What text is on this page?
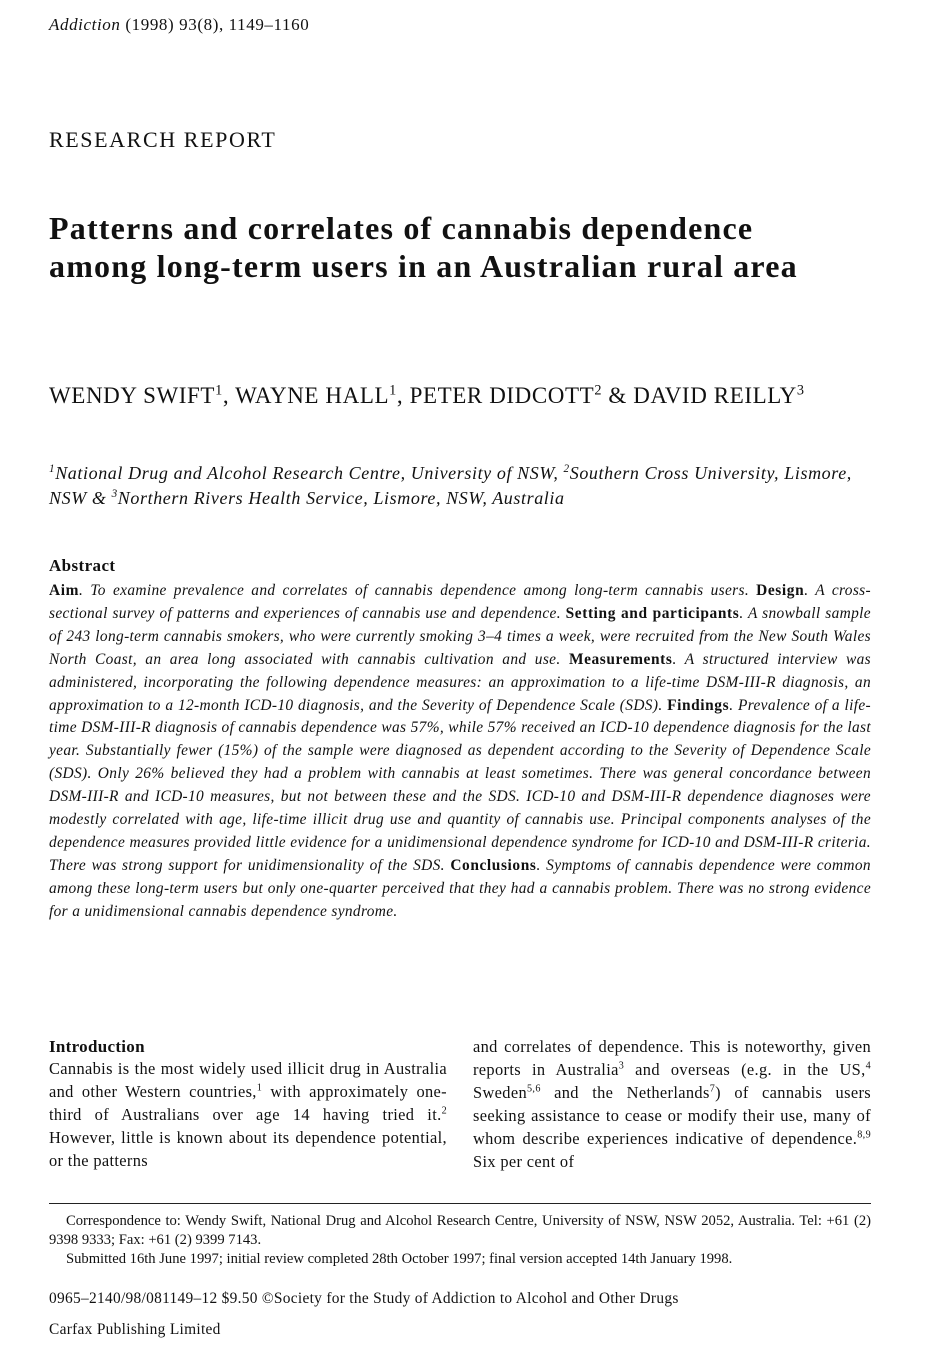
Addiction (1998) 93(8), 1149–1160
RESEARCH REPORT
Patterns and correlates of cannabis dependence among long-term users in an Australian rural area

WENDY SWIFT$^1$, WAYNE HALL$^1$, PETER DIDCOTT$^2$ & DAVID REILLY$^3$

$^1$National Drug and Alcohol Research Centre, University of NSW, $^2$Southern Cross University, Lismore, NSW & $^3$Northern Rivers Health Service, Lismore, NSW, Australia

Abstract

Aim. To examine prevalence and correlates of cannabis dependence among long-term cannabis users. Design. A cross-sectional survey of patterns and experiences of cannabis use and dependence. Setting and participants. A snowball sample of 243 long-term cannabis smokers, who were currently smoking 3–4 times a week, were recruited from the New South Wales North Coast, an area long associated with cannabis cultivation and use. Measurements. A structured interview was administered, incorporating the following dependence measures: an approximation to a life-time DSM-III-R diagnosis, an approximation to a 12-month ICD-10 diagnosis, and the Severity of Dependence Scale (SDS). Findings. Prevalence of a life-time DSM-III-R diagnosis of cannabis dependence was 57%, while 57% received an ICD-10 dependence diagnosis for the last year. Substantially fewer (15%) of the sample were diagnosed as dependent according to the Severity of Dependence Scale (SDS). Only 26% believed they had a problem with cannabis at least sometimes. There was general concordance between DSM-III-R and ICD-10 measures, but not between these and the SDS. ICD-10 and DSM-III-R dependence diagnoses were modestly correlated with age, life-time illicit drug use and quantity of cannabis use. Principal components analyses of the dependence measures provided little evidence for a unidimensional dependence syndrome for ICD-10 and DSM-III-R criteria. There was strong support for unidimensionality of the SDS. Conclusions. Symptoms of cannabis dependence were common among these long-term users but only one-quarter perceived that they had a cannabis problem. There was no strong evidence for a unidimensional cannabis dependence syndrome.

Introduction

Cannabis is the most widely used illicit drug in Australia and other Western countries,$^1$ with approximately one-third of Australians over age 14 having tried it.$^2$ However, little is known about its dependence potential, or the patterns

and correlates of dependence. This is noteworthy, given reports in Australia$^3$ and overseas (e.g. in the US,$^4$ Sweden$^{5,6}$ and the Netherlands$^7$) of cannabis users seeking assistance to cease or modify their use, many of whom describe experiences indicative of dependence.$^{8,9}$ Six per cent of

Correspondence to: Wendy Swift, National Drug and Alcohol Research Centre, University of NSW, NSW 2052, Australia. Tel: +61 (2) 9398 9333; Fax: +61 (2) 9399 7143.

Submitted 16th June 1997; initial review completed 28th October 1997; final version accepted 14th January 1998.

0965–2140/98/081149–12 $9.50 ©Society for the Study of Addiction to Alcohol and Other Drugs
Carfax Publishing Limited
